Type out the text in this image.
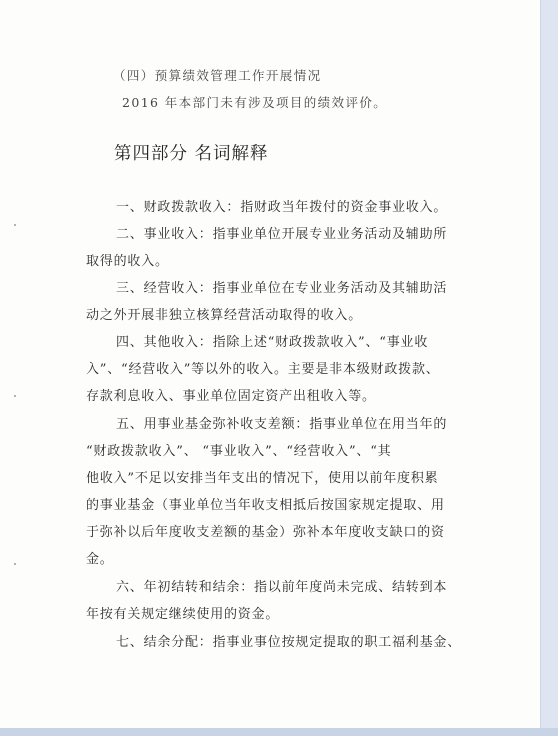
（四）预算绩效管理工作开展情况
2016 年本部门未有涉及项目的绩效评价。
第四部分 名词解释
一、财政拨款收入：指财政当年拨付的资金事业收入。
二、事业收入：指事业单位开展专业业务活动及辅助所
取得的收入。
三、经营收入：指事业单位在专业业务活动及其辅助活
动之外开展非独立核算经营活动取得的收入。
四、其他收入：指除上述“财政拨款收入”、“事业收
入”、“经营收入”等以外的收入。主要是非本级财政拨款、
存款利息收入、事业单位固定资产出租收入等。
五、用事业基金弥补收支差额：指事业单位在用当年的
“财政拨款收入”、 “事业收入”、“经营收入”、“其
他收入”不足以安排当年支出的情况下，使用以前年度积累
的事业基金（事业单位当年收支相抵后按国家规定提取、用
于弥补以后年度收支差额的基金）弥补本年度收支缺口的资
金。
六、年初结转和结余：指以前年度尚未完成、结转到本
年按有关规定继续使用的资金。
七、结余分配：指事业事位按规定提取的职工福利基金、
